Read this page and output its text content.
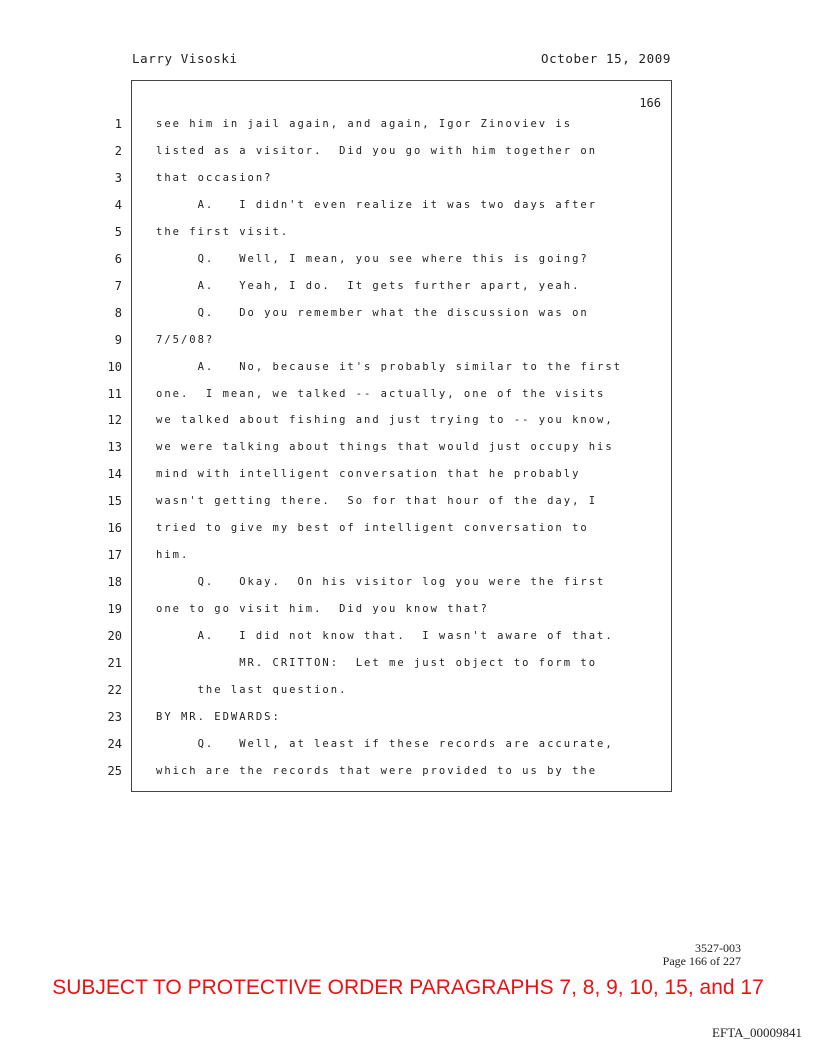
Larry Visoski	October 15, 2009
166
1	see him in jail again, and again, Igor Zinoviev is
2	listed as a visitor.  Did you go with him together on
3	that occasion?
4	A.   I didn't even realize it was two days after
5	the first visit.
6	Q.   Well, I mean, you see where this is going?
7	A.   Yeah, I do.  It gets further apart, yeah.
8	Q.   Do you remember what the discussion was on
9	7/5/08?
10	A.   No, because it's probably similar to the first
11	one.  I mean, we talked -- actually, one of the visits
12	we talked about fishing and just trying to -- you know,
13	we were talking about things that would just occupy his
14	mind with intelligent conversation that he probably
15	wasn't getting there.  So for that hour of the day, I
16	tried to give my best of intelligent conversation to
17	him.
18	Q.   Okay.  On his visitor log you were the first
19	one to go visit him.  Did you know that?
20	A.   I did not know that.  I wasn't aware of that.
21	MR. CRITTON:  Let me just object to form to
22	the last question.
23	BY MR. EDWARDS:
24	Q.   Well, at least if these records are accurate,
25	which are the records that were provided to us by the
3527-003
Page 166 of 227
SUBJECT TO PROTECTIVE ORDER PARAGRAPHS 7, 8, 9, 10, 15, and 17
EFTA_00009841
